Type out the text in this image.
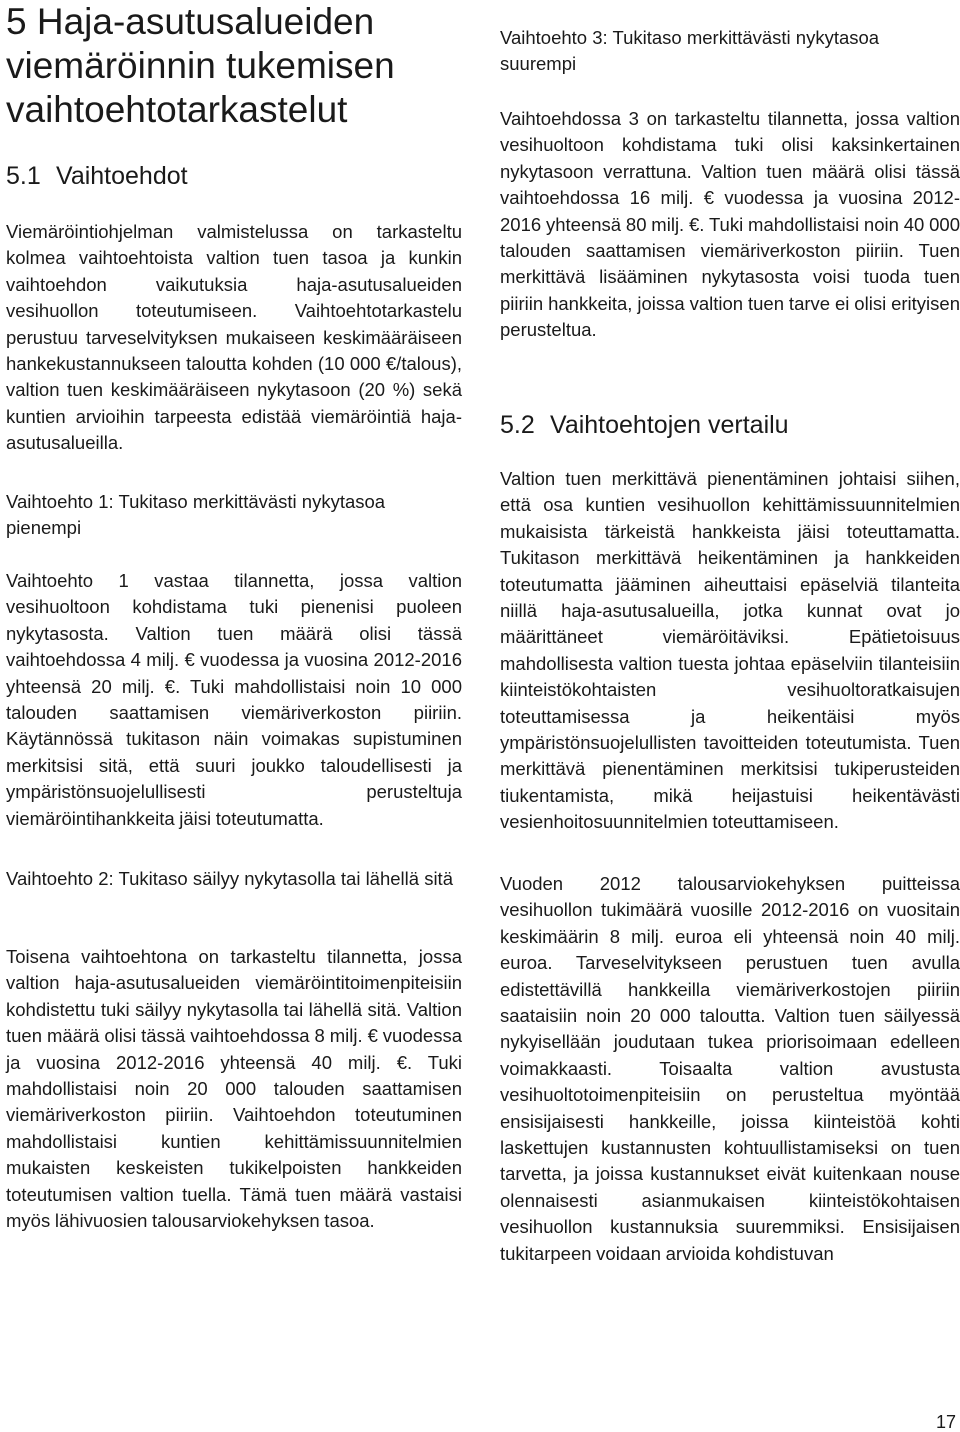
5 Haja-asutusalueiden viemäröinnin tukemisen vaihtoehtotarkastelut
5.1 Vaihtoehdot

Viemäröintiohjelman valmistelussa on tarkasteltu kolmea vaihtoehtoista valtion tuen tasoa ja kunkin vaihtoehdon vaikutuksia haja-asutusalueiden vesihuollon toteutumiseen. Vaihtoehtotarkastelu perustuu tarveselvityksen mukaiseen keskimääräiseen hankekustannukseen taloutta kohden (10 000 €/talous), valtion tuen keskimääräiseen nykytasoon (20 %) sekä kuntien arvioihin tarpeesta edistää viemäröintiä haja-asutusalueilla.

Vaihtoehto 1: Tukitaso merkittävästi nykytasoa pienempi

Vaihtoehto 1 vastaa tilannetta, jossa valtion vesihuoltoon kohdistama tuki pienenisi puoleen nykytasosta. Valtion tuen määrä olisi tässä vaihtoehdossa 4 milj. € vuodessa ja vuosina 2012-2016 yhteensä 20 milj. €. Tuki mahdollistaisi noin 10 000 talouden saattamisen viemäriverkoston piiriin. Käytännössä tukitason näin voimakas supistuminen merkitsisi sitä, että suuri joukko taloudellisesti ja ympäristönsuojelullisesti perusteltuja viemäröintihankkeita jäisi toteutumatta.

Vaihtoehto 2: Tukitaso säilyy nykytasolla tai lähellä sitä

Toisena vaihtoehtona on tarkasteltu tilannetta, jossa valtion haja-asutusalueiden viemäröintitoimenpiteisiin kohdistettu tuki säilyy nykytasolla tai lähellä sitä. Valtion tuen määrä olisi tässä vaihtoehdossa 8 milj. € vuodessa ja vuosina 2012-2016 yhteensä 40 milj. €. Tuki mahdollistaisi noin 20 000 talouden saattamisen viemäriverkoston piiriin. Vaihtoehdon toteutuminen mahdollistaisi kuntien kehittämissuunnitelmien mukaisten keskeisten tukikelpoisten hankkeiden toteutumisen valtion tuella. Tämä tuen määrä vastaisi myös lähivuosien talousarviokehyksen tasoa.

Vaihtoehto 3: Tukitaso merkittävästi nykytasoa suurempi

Vaihtoehdossa 3 on tarkasteltu tilannetta, jossa valtion vesihuoltoon kohdistama tuki olisi kaksinkertainen nykytasoon verrattuna. Valtion tuen määrä olisi tässä vaihtoehdossa 16 milj. € vuodessa ja vuosina 2012-2016 yhteensä 80 milj. €. Tuki mahdollistaisi noin 40 000 talouden saattamisen viemäriverkoston piiriin. Tuen merkittävä lisääminen nykytasosta voisi tuoda tuen piiriin hankkeita, joissa valtion tuen tarve ei olisi erityisen perusteltua.

5.2 Vaihtoehtojen vertailu

Valtion tuen merkittävä pienentäminen johtaisi siihen, että osa kuntien vesihuollon kehittämissuunnitelmien mukaisista tärkeistä hankkeista jäisi toteuttamatta. Tukitason merkittävä heikentäminen ja hankkeiden toteutumatta jääminen aiheuttaisi epäselviä tilanteita niillä haja-asutusalueilla, jotka kunnat ovat jo määrittäneet viemäröitäviksi. Epätietoisuus mahdollisesta valtion tuesta johtaa epäselviin tilanteisiin kiinteistökohtaisten vesihuoltoratkaisujen toteuttamisessa ja heikentäisi myös ympäristönsuojelullisten tavoitteiden toteutumista. Tuen merkittävä pienentäminen merkitsisi tukiperusteiden tiukentamista, mikä heijastuisi heikentävästi vesienhoitosuunnitelmien toteuttamiseen.

Vuoden 2012 talousarviokehyksen puitteissa vesihuollon tukimäärä vuosille 2012-2016 on vuositain keskimäärin 8 milj. euroa eli yhteensä noin 40 milj. euroa. Tarveselvitykseen perustuen tuen avulla edistettävillä hankkeilla viemäriverkostojen piiriin saataisiin noin 20 000 taloutta. Valtion tuen säilyessä nykyisellään joudutaan tukea priorisoimaan edelleen voimakkaasti. Toisaalta valtion avustusta vesihuoltotoimenpiteisiin on perusteltua myöntää ensisijaisesti hankkeille, joissa kiinteistöä kohti laskettujen kustannusten kohtuullistamiseksi on tuen tarvetta, ja joissa kustannukset eivät kuitenkaan nouse olennaisesti asianmukaisen kiinteistökohtaisen vesihuollon kustannuksia suuremmiksi. Ensisijaisen tukitarpeen voidaan arvioida kohdistuvan

17
